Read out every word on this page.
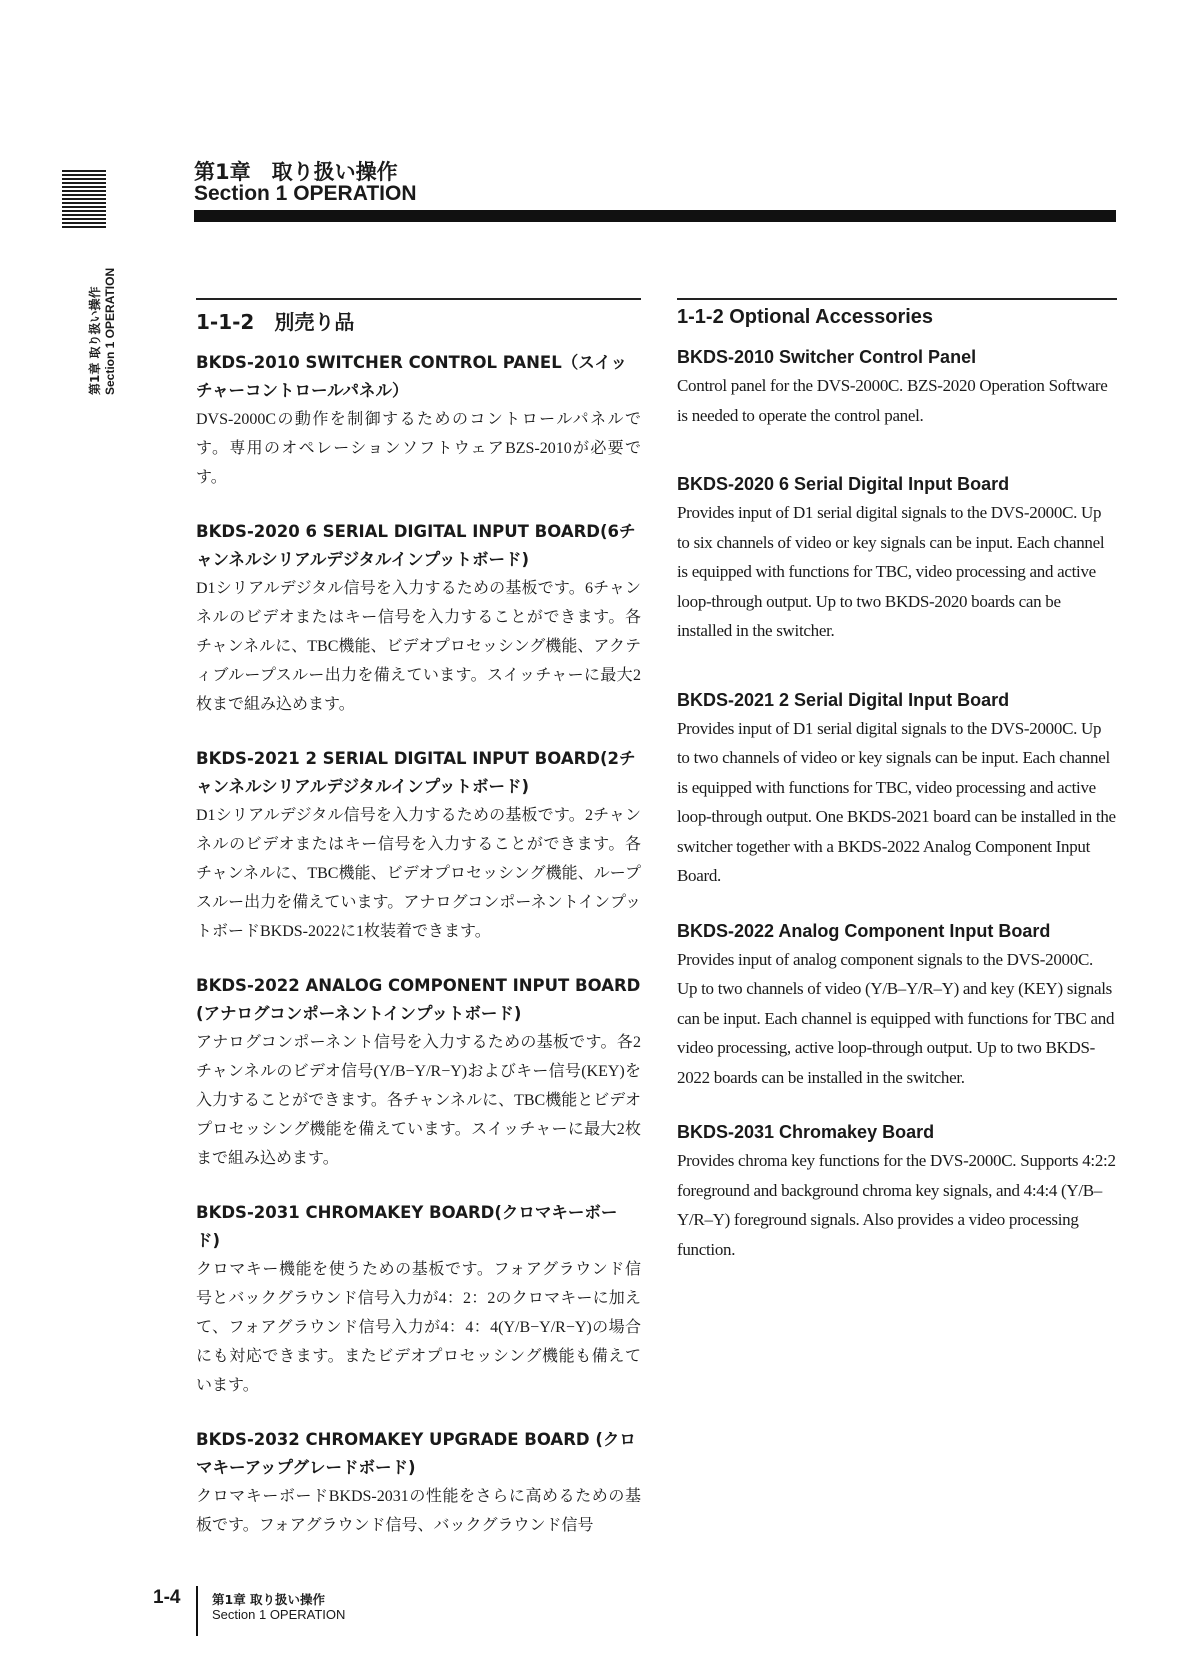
第1章 取り扱い操作 Section 1 OPERATION
第1章　取り扱い操作
Section 1 OPERATION
1-1-2　別売り品
BKDS-2010 SWITCHER CONTROL PANEL（スイッチャーコントロールパネル）
DVS-2000Cの動作を制御するためのコントロールパネルです。専用のオペレーションソフトウェアBZS-2010が必要です。
BKDS-2020 6 SERIAL DIGITAL INPUT BOARD(6チャンネルシリアルデジタルインプットボード)
D1シリアルデジタル信号を入力するための基板です。6チャンネルのビデオまたはキー信号を入力することができます。各チャンネルに、TBC機能、ビデオプロセッシング機能、アクティブループスルー出力を備えています。スイッチャーに最大2枚まで組み込めます。
BKDS-2021 2 SERIAL DIGITAL INPUT BOARD(2チャンネルシリアルデジタルインプットボード)
D1シリアルデジタル信号を入力するための基板です。2チャンネルのビデオまたはキー信号を入力することができます。各チャンネルに、TBC機能、ビデオプロセッシング機能、ループスルー出力を備えています。アナログコンポーネントインプットボードBKDS-2022に1枚装着できます。
BKDS-2022 ANALOG COMPONENT INPUT BOARD (アナログコンポーネントインプットボード)
アナログコンポーネント信号を入力するための基板です。各2チャンネルのビデオ信号(Y/B−Y/R−Y)およびキー信号(KEY)を入力することができます。各チャンネルに、TBC機能とビデオプロセッシング機能を備えています。スイッチャーに最大2枚まで組み込めます。
BKDS-2031 CHROMAKEY BOARD(クロマキーボード)
クロマキー機能を使うための基板です。フォアグラウンド信号とバックグラウンド信号入力が4：2：2のクロマキーに加えて、フォアグラウンド信号入力が4：4：4(Y/B−Y/R−Y)の場合にも対応できます。またビデオプロセッシング機能も備えています。
BKDS-2032 CHROMAKEY UPGRADE BOARD (クロマキーアップグレードボード)
クロマキーボードBKDS-2031の性能をさらに高めるための基板です。フォアグラウンド信号、バックグラウンド信号
1-1-2 Optional Accessories
BKDS-2010 Switcher Control Panel
Control panel for the DVS-2000C. BZS-2020 Operation Software is needed to operate the control panel.
BKDS-2020 6 Serial Digital Input Board
Provides input of D1 serial digital signals to the DVS-2000C. Up to six channels of video or key signals can be input. Each channel is equipped with functions for TBC, video processing and active loop-through output. Up to two BKDS-2020 boards can be installed in the switcher.
BKDS-2021 2 Serial Digital Input Board
Provides input of D1 serial digital signals to the DVS-2000C. Up to two channels of video or key signals can be input. Each channel is equipped with functions for TBC, video processing and active loop-through output. One BKDS-2021 board can be installed in the switcher together with a BKDS-2022 Analog Component Input Board.
BKDS-2022 Analog Component Input Board
Provides input of analog component signals to the DVS-2000C. Up to two channels of video (Y/B–Y/R–Y) and key (KEY) signals can be input. Each channel is equipped with functions for TBC and video processing, active loop-through output. Up to two BKDS-2022 boards can be installed in the switcher.
BKDS-2031 Chromakey Board
Provides chroma key functions for the DVS-2000C. Supports 4:2:2 foreground and background chroma key signals, and 4:4:4 (Y/B–Y/R–Y) foreground signals. Also provides a video processing function.
1-4	第1章 取り扱い操作
Section 1 OPERATION
